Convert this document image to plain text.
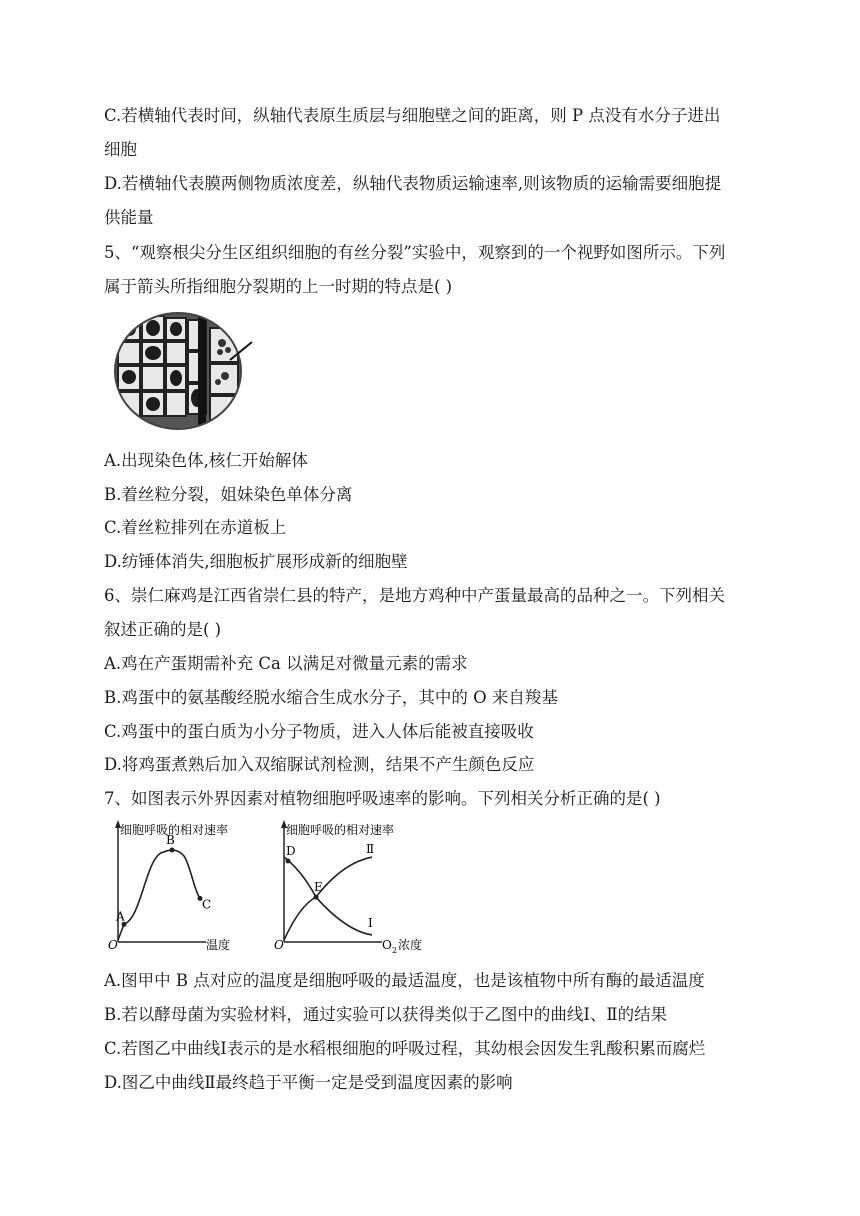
C.若横轴代表时间，纵轴代表原生质层与细胞壁之间的距离，则 P 点没有水分子进出
细胞
D.若横轴代表膜两侧物质浓度差，纵轴代表物质运输速率,则该物质的运输需要细胞提
供能量
5、“观察根尖分生区组织细胞的有丝分裂”实验中，观察到的一个视野如图所示。下列
属于箭头所指细胞分裂期的上一时期的特点是( )
A.出现染色体,核仁开始解体
B.着丝粒分裂，姐妹染色单体分离
C.着丝粒排列在赤道板上
D.纺锤体消失,细胞板扩展形成新的细胞壁
6、崇仁麻鸡是江西省崇仁县的特产，是地方鸡种中产蛋量最高的品种之一。下列相关
叙述正确的是( )
A.鸡在产蛋期需补充 Ca 以满足对微量元素的需求
B.鸡蛋中的氨基酸经脱水缩合生成水分子，其中的 O 来自羧基
C.鸡蛋中的蛋白质为小分子物质，进入人体后能被直接吸收
D.将鸡蛋煮熟后加入双缩脲试剂检测，结果不产生颜色反应
7、如图表示外界因素对植物细胞呼吸速率的影响。下列相关分析正确的是( )
细胞呼吸的相对速率
O	温度
A
B
C
细胞呼吸的相对速率
O	O 2 浓度
D
E
Ⅰ
Ⅱ
A.图甲中 B 点对应的温度是细胞呼吸的最适温度，也是该植物中所有酶的最适温度
B.若以酵母菌为实验材料，通过实验可以获得类似于乙图中的曲线Ⅰ、Ⅱ的结果
C.若图乙中曲线Ⅰ表示的是水稻根细胞的呼吸过程，其幼根会因发生乳酸积累而腐烂
D.图乙中曲线Ⅱ最终趋于平衡一定是受到温度因素的影响
